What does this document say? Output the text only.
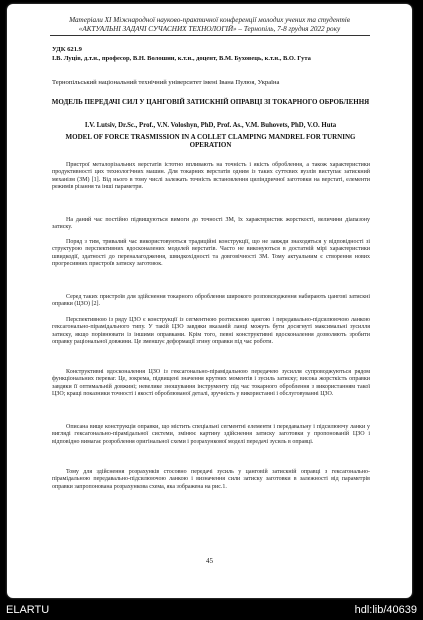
Матеріали XI Міжнародної науково-практичної конференції молодих учених та студентів
«АКТУАЛЬНІ ЗАДАЧІ СУЧАСНИХ ТЕХНОЛОГІЙ» – Тернопіль, 7-8 грудня 2022 року
УДК 621.9
І.В. Луців, д.т.н., професор, В.Н. Волошин, к.т.н., доцент, В.М. Буховець, к.т.н., В.О. Гута
Тернопільський національний технічний університет імені Івана Пулюя, Україна
МОДЕЛЬ ПЕРЕДАЧІ СИЛ У ЦАНГОВІЙ ЗАТИСКНІЙ ОПРАВЦІ ЗІ ТОКАРНОГО ОБРОБЛЕННЯ
I.V. Lutsiv, Dr.Sc., Prof., V.N. Voloshyn, PhD, Prof. As., V.M. Buhovets, PhD, V.O. Huta
MODEL OF FORCE TRASMISSION IN A COLLET CLAMPING MANDREL FOR TURNING OPERATION
Пристрої металорізальних верстатів істотно впливають на точність і якість оброблення, а також характеристики продуктивності цих технологічних машин. Для токарних верстатів одним із таких суттєвих вузлів виступає затискний механізм (ЗМ) [1]. Від нього в тому числі залежать точність встановлення циліндричної заготовки на верстаті, елементи режимів різання та інші параметри.
На даний час постійно підвищуються вимоги до точності ЗМ, їх характеристик жорсткості, величини діапазону затиску.
Поряд з тим, тривалий час використовуються традиційні конструкції, що не завжди знаходяться у відповідності зі структурою перспективних вдосконалених моделей верстатів. Часто не виконуються в достатній мірі характеристики швидкодії, здатності до переналагодження, швидкохідності та довговічності ЗМ. Тому актуальним є створення нових прогресивних пристроїв затиску заготовок.
Серед таких пристроїв для здійснення токарного оброблення широкого розповсюдження набирають цангові затискні оправки (ЦЗО) [2].
Перспективною із ряду ЦЗО є конструкції із сегментною розтискною цангою і передавально-підсилюючою ланкою гексагонально-пірамідального типу. У такій ЦЗО завдяки вказаній ланці можуть бути досягнуті максимальні зусилля затиску, якщо порівнювати із іншими оправками. Крім того, певні конструктивні вдосконалення дозволяють зробити оправку раціональної довжини. Це зменшує деформації згину оправки під час роботи.
Конструктивні вдосконалення ЦЗО із гексагонально-пірамідальною передачею зусилля супроводжуються рядом функціональних переваг. Це, зокрема, підвищені значення крутних моментів і зусиль затиску; висока жорсткість оправки завдяки її оптимальній довжині; невелике зношування інструменту під час токарного оброблення з використанням такої ЦЗО; кращі показники точності і якості оброблюваної деталі, зручність у використанні і обслуговуванні ЦЗО.
Описана вище конструкція оправки, що містить спеціальні сегментні елементи і передавальну і підсилюючу ланки у вигляді гексагонально-пірамідальної системи, змінює картину здійснення затиску заготовки у пропонованій ЦЗО і відповідно вимагає розроблення оригінальної схеми і розрахункової моделі передачі зусиль в оправці.
Тому для здійснення розрахунків стосовно передачі зусиль у цанговій затискній оправці з гексагонально-пірамідальною передавально-підсилюючою ланкою і визначення сили затиску заготовки в залежності від параметрів оправки запропонована розрахункова схема, яка зображена на рис.1.
45
ELARTU	hdl:lib/40639
